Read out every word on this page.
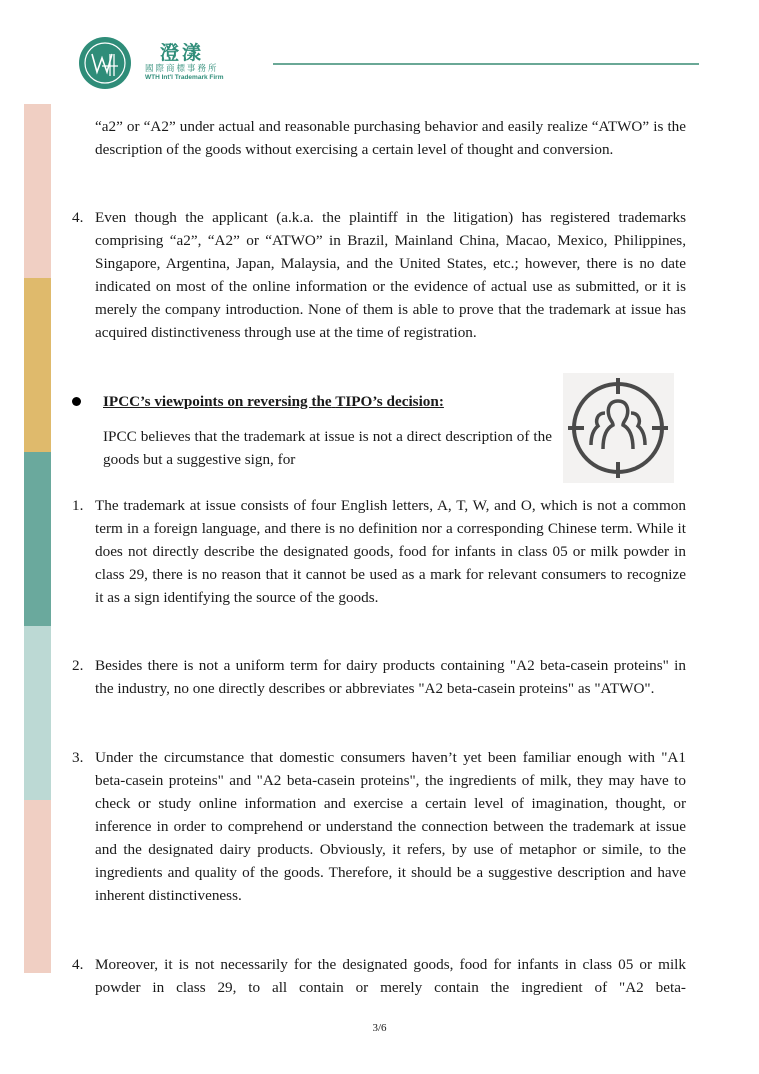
澄漾
國際商標事務所
WTH Int'l Trademark Firm
“a2” or “A2” under actual and reasonable purchasing behavior and easily realize “ATWO” is the description of the goods without exercising a certain level of thought and conversion.
4. Even though the applicant (a.k.a. the plaintiff in the litigation) has registered trademarks comprising “a2”, “A2” or “ATWO” in Brazil, Mainland China, Macao, Mexico, Philippines, Singapore, Argentina, Japan, Malaysia, and the United States, etc.; however, there is no date indicated on most of the online information or the evidence of actual use as submitted, or it is merely the company introduction. None of them is able to prove that the trademark at issue has acquired distinctiveness through use at the time of registration.
IPCC’s viewpoints on reversing the TIPO’s decision:
IPCC believes that the trademark at issue is not a direct description of the goods but a suggestive sign, for
1. The trademark at issue consists of four English letters, A, T, W, and O, which is not a common term in a foreign language, and there is no definition nor a corresponding Chinese term. While it does not directly describe the designated goods, food for infants in class 05 or milk powder in class 29, there is no reason that it cannot be used as a mark for relevant consumers to recognize it as a sign identifying the source of the goods.
2. Besides there is not a uniform term for dairy products containing "A2 beta-casein proteins" in the industry, no one directly describes or abbreviates "A2 beta-casein proteins" as "ATWO".
3. Under the circumstance that domestic consumers haven’t yet been familiar enough with "A1 beta-casein proteins" and "A2 beta-casein proteins", the ingredients of milk, they may have to check or study online information and exercise a certain level of imagination, thought, or inference in order to comprehend or understand the connection between the trademark at issue and the designated dairy products. Obviously, it refers, by use of metaphor or simile, to the ingredients and quality of the goods. Therefore, it should be a suggestive description and have inherent distinctiveness.
4. Moreover, it is not necessarily for the designated goods, food for infants in class 05 or milk powder in class 29, to all contain or merely contain the ingredient of "A2 beta-
3/6
